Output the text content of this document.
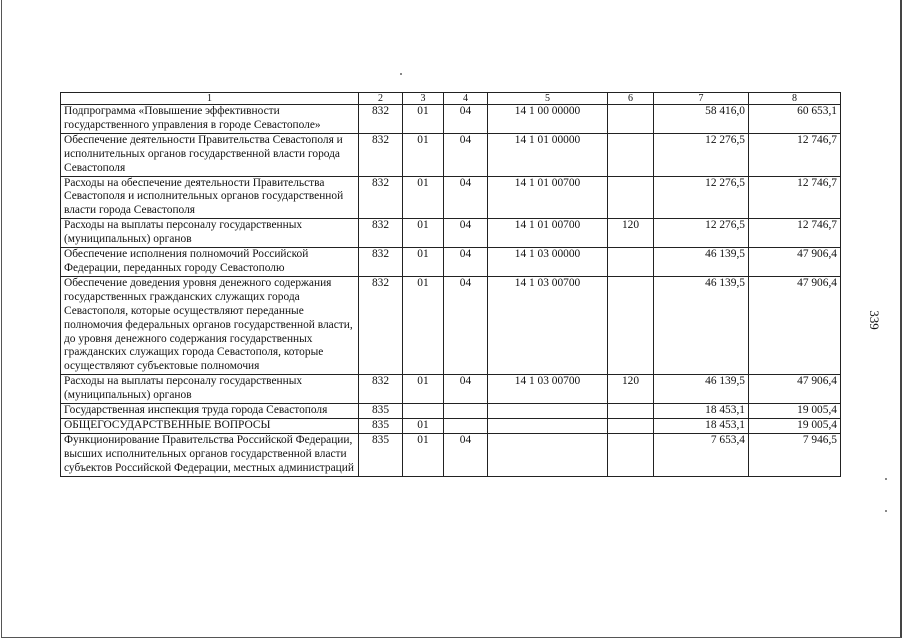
1	2	3	4	5	6	7	8
Подпрограмма «Повышение эффективности государственного управления в городе Севастополе»	832	01	04	14 1 00 00000		58 416,0	60 653,1
Обеспечение деятельности Правительства Севастополя и исполнительных органов государственной власти города Севастополя	832	01	04	14 1 01 00000		12 276,5	12 746,7
Расходы на обеспечение деятельности Правительства Севастополя и исполнительных органов государственной власти города Севастополя	832	01	04	14 1 01 00700		12 276,5	12 746,7
Расходы на выплаты персоналу государственных (муниципальных) органов	832	01	04	14 1 01 00700	120	12 276,5	12 746,7
Обеспечение исполнения полномочий Российской Федерации, переданных городу Севастополю	832	01	04	14 1 03 00000		46 139,5	47 906,4
Обеспечение доведения уровня денежного содержания государственных гражданских служащих города Севастополя, которые осуществляют переданные полномочия федеральных органов государственной власти, до уровня денежного содержания государственных гражданских служащих города Севастополя, которые осуществляют субъектовые полномочия	832	01	04	14 1 03 00700		46 139,5	47 906,4
Расходы на выплаты персоналу государственных (муниципальных) органов	832	01	04	14 1 03 00700	120	46 139,5	47 906,4
Государственная инспекция труда города Севастополя	835					18 453,1	19 005,4
ОБЩЕГОСУДАРСТВЕННЫЕ ВОПРОСЫ	835	01				18 453,1	19 005,4
Функционирование Правительства Российской Федерации, высших исполнительных органов государственной власти субъектов Российской Федерации, местных администраций	835	01	04			7 653,4	7 946,5
339
